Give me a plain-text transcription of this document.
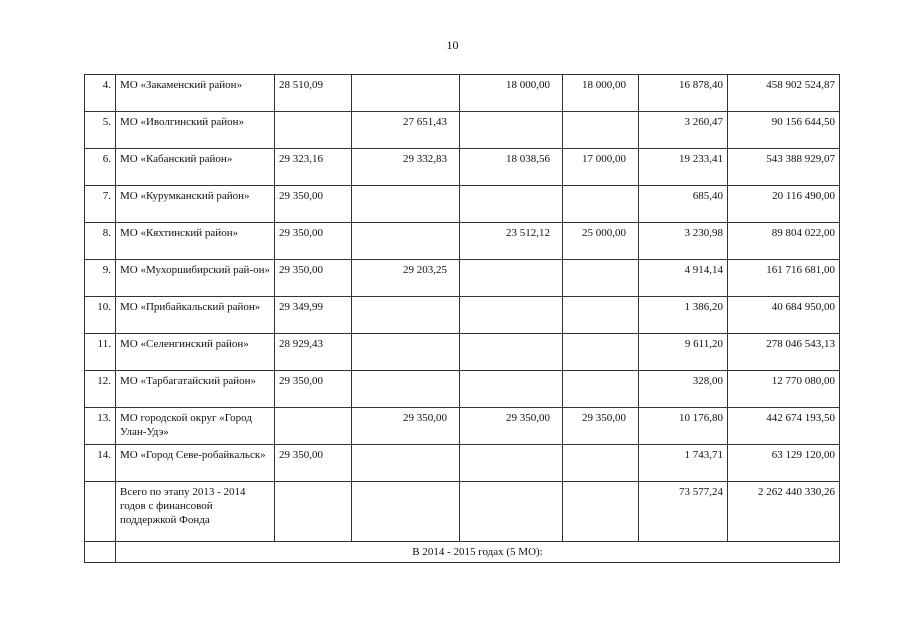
10
4.	МО «Закаменский район»	28 510,09		18 000,00	18 000,00	16 878,40	458 902 524,87
5.	МО «Иволгинский район»		27 651,43			3 260,47	90 156 644,50
6.	МО «Кабанский район»	29 323,16	29 332,83	18 038,56	17 000,00	19 233,41	543 388 929,07
7.	МО «Курумканский район»	29 350,00				685,40	20 116 490,00
8.	МО «Кяхтинский район»	29 350,00		23 512,12	25 000,00	3 230,98	89 804 022,00
9.	МО «Мухоршибирский рай-он»	29 350,00	29 203,25			4 914,14	161 716 681,00
10.	МО «Прибайкальский район»	29 349,99				1 386,20	40 684 950,00
11.	МО «Селенгинский район»	28 929,43				9 611,20	278 046 543,13
12.	МО «Тарбагатайский район»	29 350,00				328,00	12 770 080,00
13.	МО городской округ «Город Улан-Удэ»		29 350,00	29 350,00	29 350,00	10 176,80	442 674 193,50
14.	МО «Город Севе-робайкальск»	29 350,00				1 743,71	63 129 120,00
	Всего по этапу 2013 - 2014 годов с финансовой поддержкой Фонда					73 577,24	2 262 440 330,26
	В 2014 - 2015 годах (5 МО):						
